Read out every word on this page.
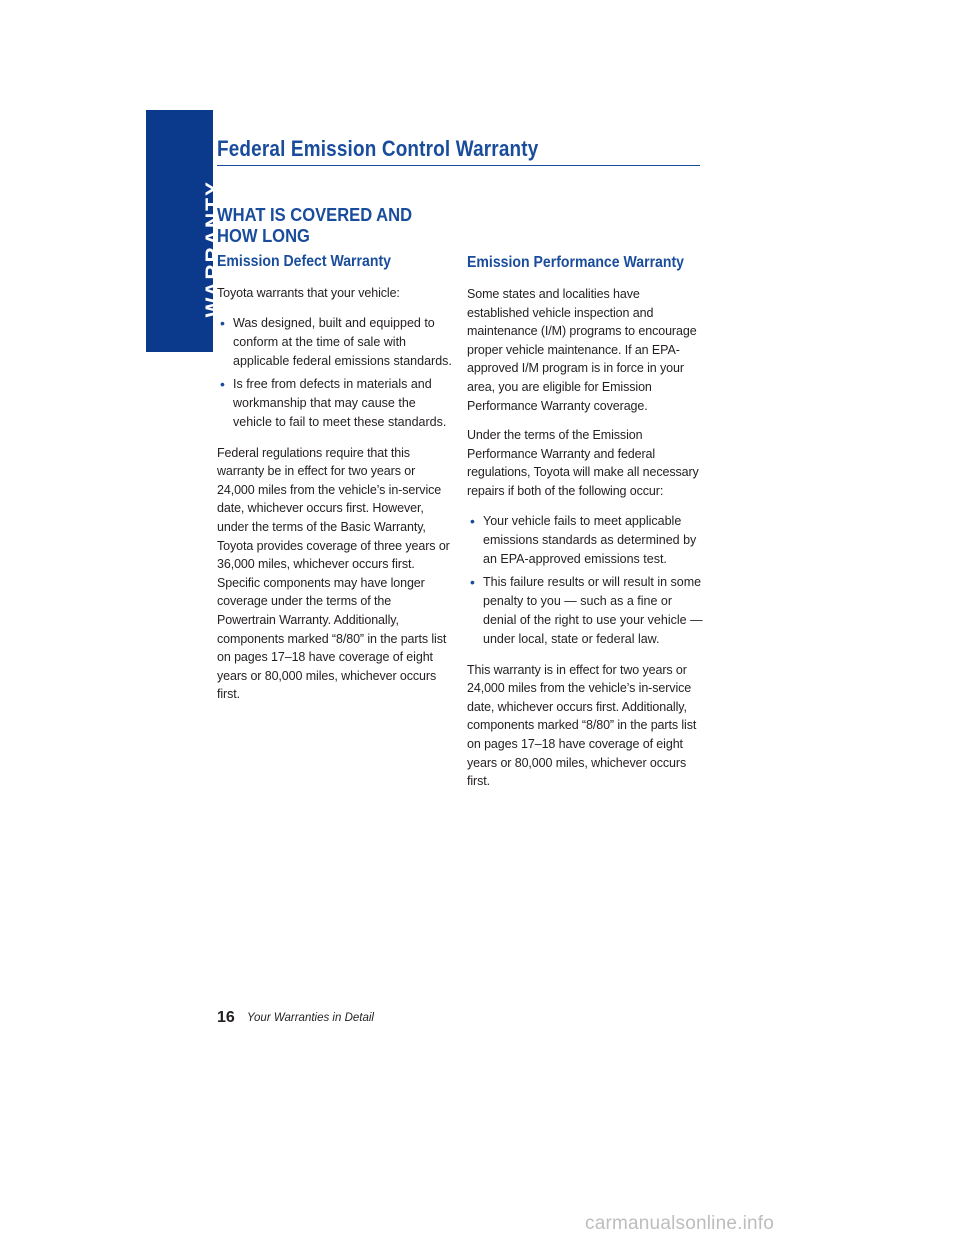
WARRANTY
Federal Emission Control Warranty
WHAT IS COVERED AND HOW LONG
Emission Defect Warranty

Toyota warrants that your vehicle:

• Was designed, built and equipped to conform at the time of sale with applicable federal emissions standards.
• Is free from defects in materials and workmanship that may cause the vehicle to fail to meet these standards.

Federal regulations require that this warranty be in effect for two years or 24,000 miles from the vehicle’s in-service date, whichever occurs first. However, under the terms of the Basic Warranty, Toyota provides coverage of three years or 36,000 miles, whichever occurs first. Specific components may have longer coverage under the terms of the Powertrain Warranty. Additionally, components marked “8/80” in the parts list on pages 17–18 have coverage of eight years or 80,000 miles, whichever occurs first.

Emission Performance Warranty

Some states and localities have established vehicle inspection and maintenance (I/M) programs to encourage proper vehicle maintenance. If an EPA-approved I/M program is in force in your area, you are eligible for Emission Performance Warranty coverage.

Under the terms of the Emission Performance Warranty and federal regulations, Toyota will make all necessary repairs if both of the following occur:

• Your vehicle fails to meet applicable emissions standards as determined by an EPA-approved emissions test.
• This failure results or will result in some penalty to you — such as a fine or denial of the right to use your vehicle — under local, state or federal law.

This warranty is in effect for two years or 24,000 miles from the vehicle’s in-service date, whichever occurs first. Additionally, components marked “8/80” in the parts list on pages 17–18 have coverage of eight years or 80,000 miles, whichever occurs first.

16 Your Warranties in Detail
carmanualsonline.info
